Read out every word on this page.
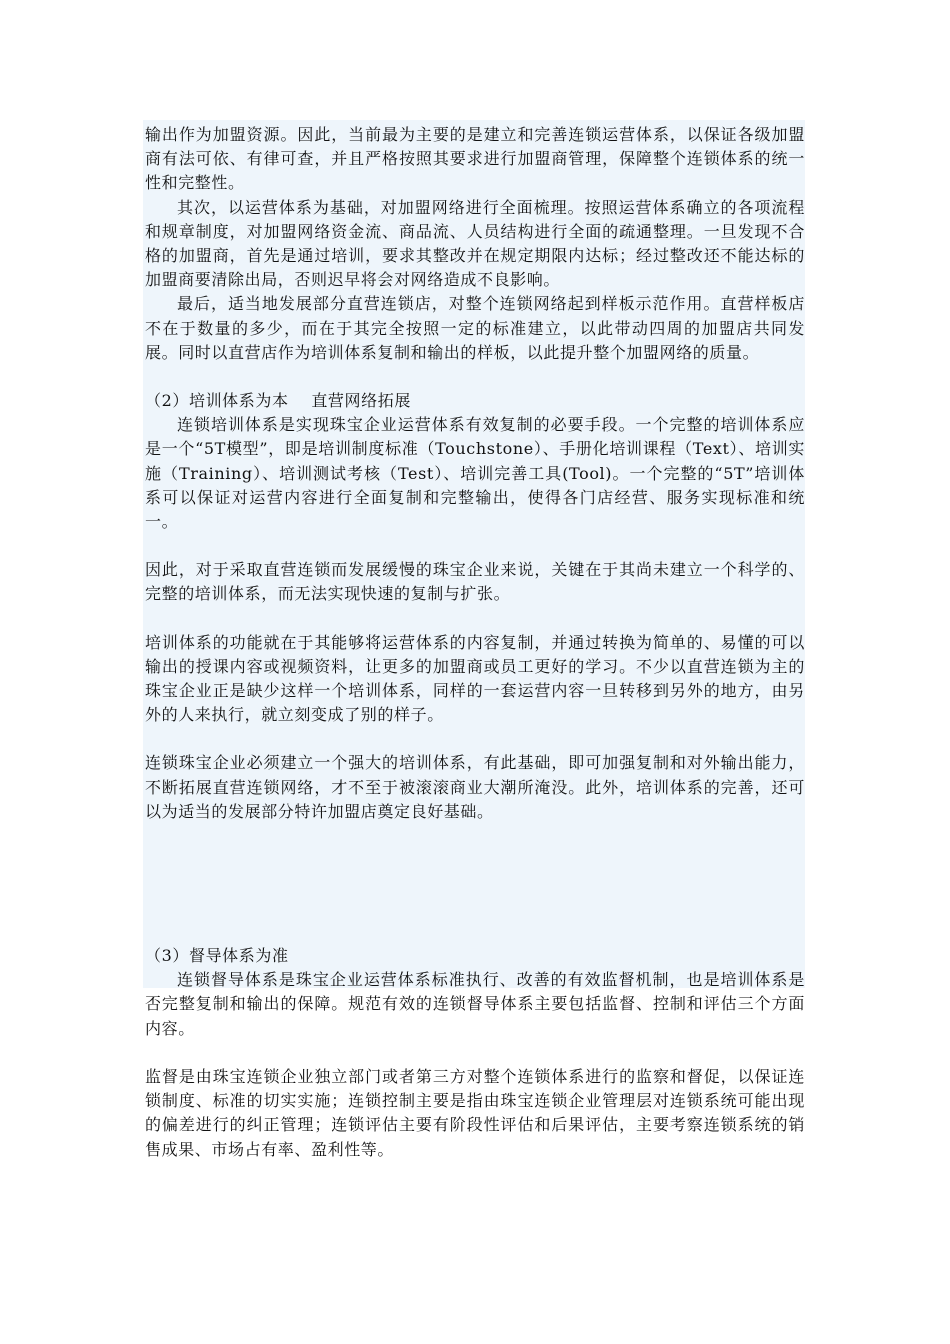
输出作为加盟资源。因此，当前最为主要的是建立和完善连锁运营体系，以保证各级加盟商有法可依、有律可查，并且严格按照其要求进行加盟商管理，保障整个连锁体系的统一性和完整性。

其次，以运营体系为基础，对加盟网络进行全面梳理。按照运营体系确立的各项流程和规章制度，对加盟网络资金流、商品流、人员结构进行全面的疏通整理。一旦发现不合格的加盟商，首先是通过培训，要求其整改并在规定期限内达标；经过整改还不能达标的加盟商要清除出局，否则迟早将会对网络造成不良影响。

最后，适当地发展部分直营连锁店，对整个连锁网络起到样板示范作用。直营样板店不在于数量的多少，而在于其完全按照一定的标准建立，以此带动四周的加盟店共同发展。同时以直营店作为培训体系复制和输出的样板，以此提升整个加盟网络的质量。

（2）培训体系为本    直营网络拓展

连锁培训体系是实现珠宝企业运营体系有效复制的必要手段。一个完整的培训体系应是一个“5T模型”，即是培训制度标准（Touchstone）、手册化培训课程（Text）、培训实施（Training）、培训测试考核（Test）、培训完善工具(Tool)。一个完整的“5T”培训体系可以保证对运营内容进行全面复制和完整输出，使得各门店经营、服务实现标准和统一。

因此，对于采取直营连锁而发展缓慢的珠宝企业来说，关键在于其尚未建立一个科学的、完整的培训体系，而无法实现快速的复制与扩张。

培训体系的功能就在于其能够将运营体系的内容复制，并通过转换为简单的、易懂的可以输出的授课内容或视频资料，让更多的加盟商或员工更好的学习。不少以直营连锁为主的珠宝企业正是缺少这样一个培训体系，同样的一套运营内容一旦转移到另外的地方，由另外的人来执行，就立刻变成了别的样子。

连锁珠宝企业必须建立一个强大的培训体系，有此基础，即可加强复制和对外输出能力，不断拓展直营连锁网络，才不至于被滚滚商业大潮所淹没。此外，培训体系的完善，还可以为适当的发展部分特许加盟店奠定良好基础。

（3）督导体系为准

连锁督导体系是珠宝企业运营体系标准执行、改善的有效监督机制，也是培训体系是否完整复制和输出的保障。规范有效的连锁督导体系主要包括监督、控制和评估三个方面内容。

监督是由珠宝连锁企业独立部门或者第三方对整个连锁体系进行的监察和督促，以保证连锁制度、标准的切实实施；连锁控制主要是指由珠宝连锁企业管理层对连锁系统可能出现的偏差进行的纠正管理；连锁评估主要有阶段性评估和后果评估，主要考察连锁系统的销售成果、市场占有率、盈利性等。
